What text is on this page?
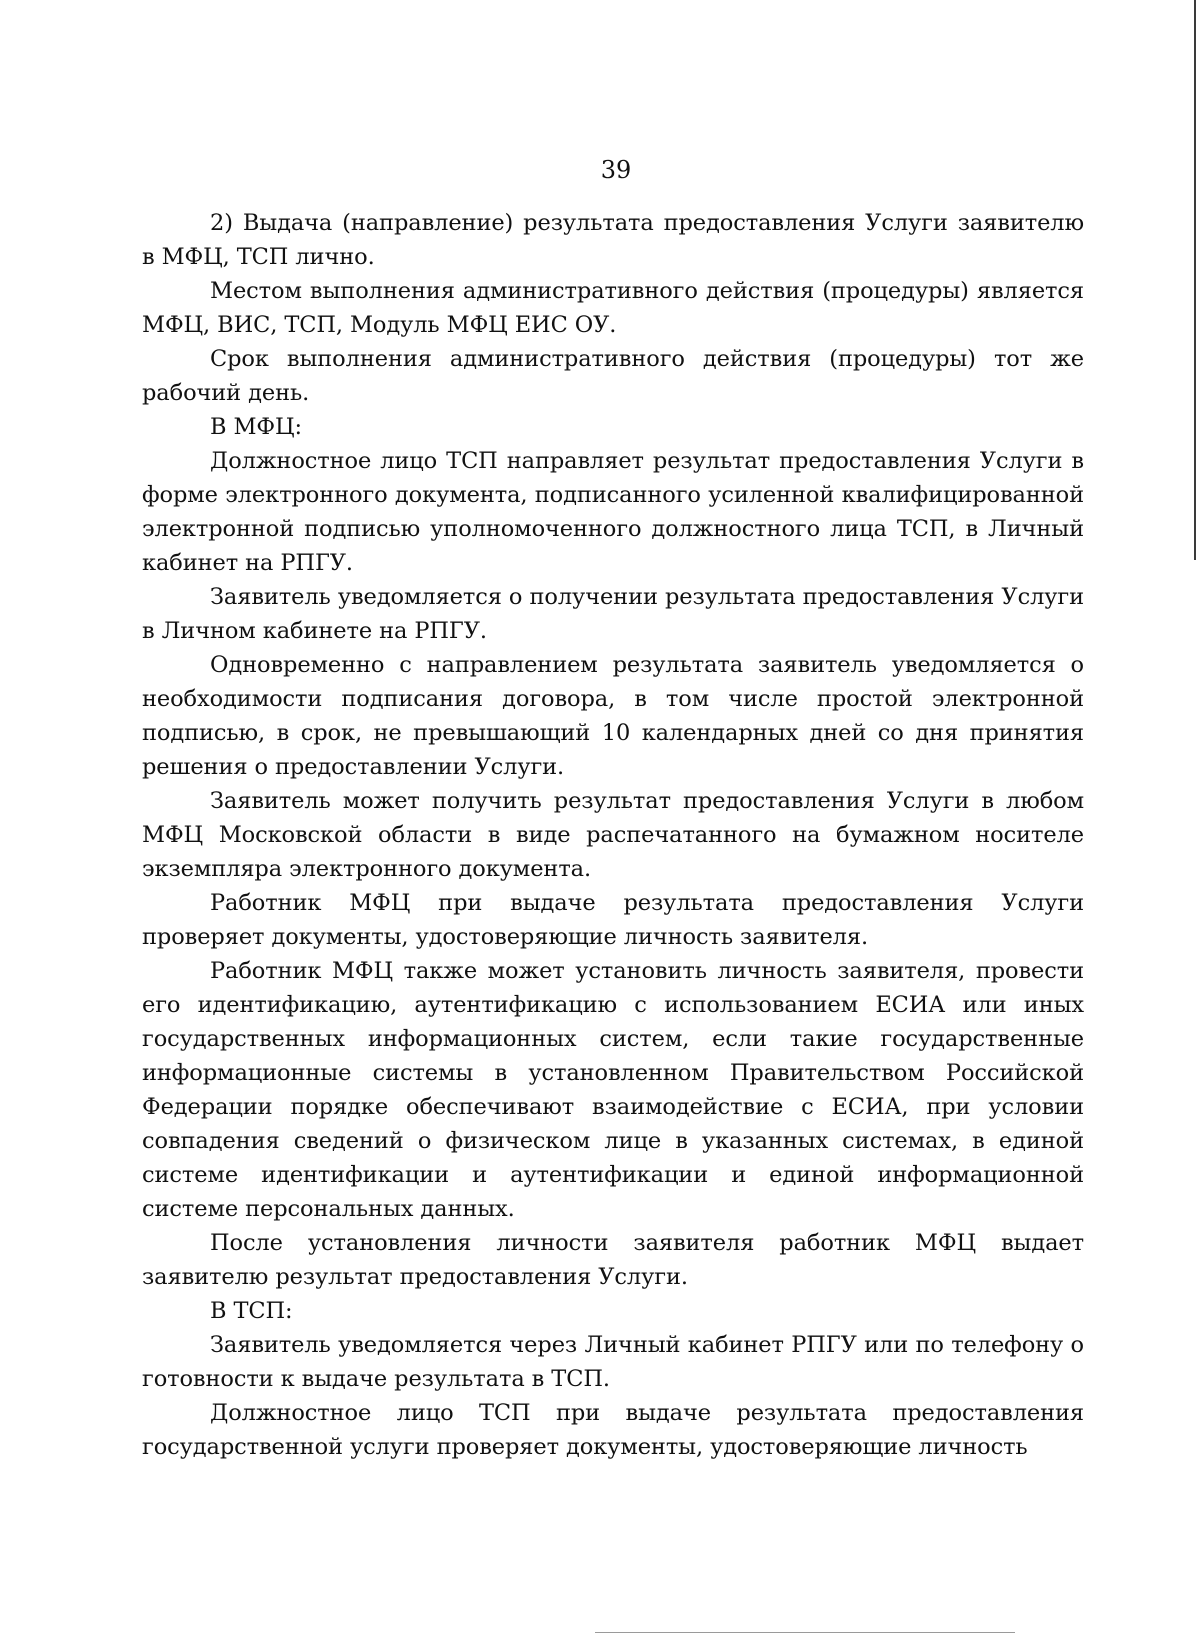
39

2) Выдача (направление) результата предоставления Услуги заявителю в МФЦ, ТСП лично.

Местом выполнения административного действия (процедуры) является МФЦ, ВИС, ТСП, Модуль МФЦ ЕИС ОУ.

Срок выполнения административного действия (процедуры) тот же рабочий день.

В МФЦ:

Должностное лицо ТСП направляет результат предоставления Услуги в форме электронного документа, подписанного усиленной квалифицированной электронной подписью уполномоченного должностного лица ТСП, в Личный кабинет на РПГУ.

Заявитель уведомляется о получении результата предоставления Услуги в Личном кабинете на РПГУ.

Одновременно с направлением результата заявитель уведомляется о необходимости подписания договора, в том числе простой электронной подписью, в срок, не превышающий 10 календарных дней со дня принятия решения о предоставлении Услуги.

Заявитель может получить результат предоставления Услуги в любом МФЦ Московской области в виде распечатанного на бумажном носителе экземпляра электронного документа.

Работник МФЦ при выдаче результата предоставления Услуги проверяет документы, удостоверяющие личность заявителя.

Работник МФЦ также может установить личность заявителя, провести его идентификацию, аутентификацию с использованием ЕСИА или иных государственных информационных систем, если такие государственные информационные системы в установленном Правительством Российской Федерации порядке обеспечивают взаимодействие с ЕСИА, при условии совпадения сведений о физическом лице в указанных системах, в единой системе идентификации и аутентификации и единой информационной системе персональных данных.

После установления личности заявителя работник МФЦ выдает заявителю результат предоставления Услуги.

В ТСП:

Заявитель уведомляется через Личный кабинет РПГУ или по телефону о готовности к выдаче результата в ТСП.

Должностное лицо ТСП при выдаче результата предоставления государственной услуги проверяет документы, удостоверяющие личность
